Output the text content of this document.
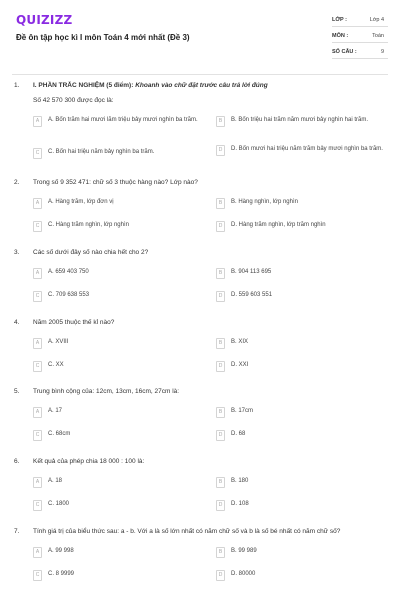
QUIZIZZ
Đề ôn tập học kì I môn Toán 4 mới nhất (Đề 3)
LỚP :	Lớp 4
MÔN :	Toán
SỐ CÂU :	9
1. I. PHẦN TRẮC NGHIỆM (5 điểm): Khoanh vào chữ đặt trước câu trả lời đúng
Số 42 570 300 được đọc là:
A	A. Bốn trăm hai mươi lăm triệu bảy mươi nghìn ba trăm.	B	B. Bốn triệu hai trăm năm mươi bảy nghìn hai trăm.
C	C. Bốn hai triệu năm bảy nghìn ba trăm.	D	D. Bốn mươi hai triệu năm trăm bảy mươi nghìn ba trăm.
2. Trong số 9 352 471: chữ số 3 thuộc hàng nào? Lớp nào?
A	A. Hàng trăm, lớp đơn vị	B	B. Hàng nghìn, lớp nghìn
C	C. Hàng trăm nghìn, lớp nghìn	D	D. Hàng trăm nghìn, lớp trăm nghìn
3. Các số dưới đây số nào chia hết cho 2?
A	A. 659 403 750	B	B. 904 113 695
C	C. 709 638 553	D	D. 559 603 551
4. Năm 2005 thuộc thế kỉ nào?
A	A. XVIII	B	B. XIX
C	C. XX	D	D. XXI
5. Trung bình cộng của: 12cm, 13cm, 16cm, 27cm là:
A	A. 17	B	B. 17cm
C	C. 68cm	D	D. 68
6. Kết quả của phép chia 18 000 : 100 là:
A	A. 18	B	B. 180
C	C. 1800	D	D. 108
7. Tính giá trị của biểu thức sau: a - b. Với a là số lớn nhất có năm chữ số và b là số bé nhất có năm chữ số?
A	A. 99 998	B	B. 99 989
C	C. 8 9999	D	D. 80000
